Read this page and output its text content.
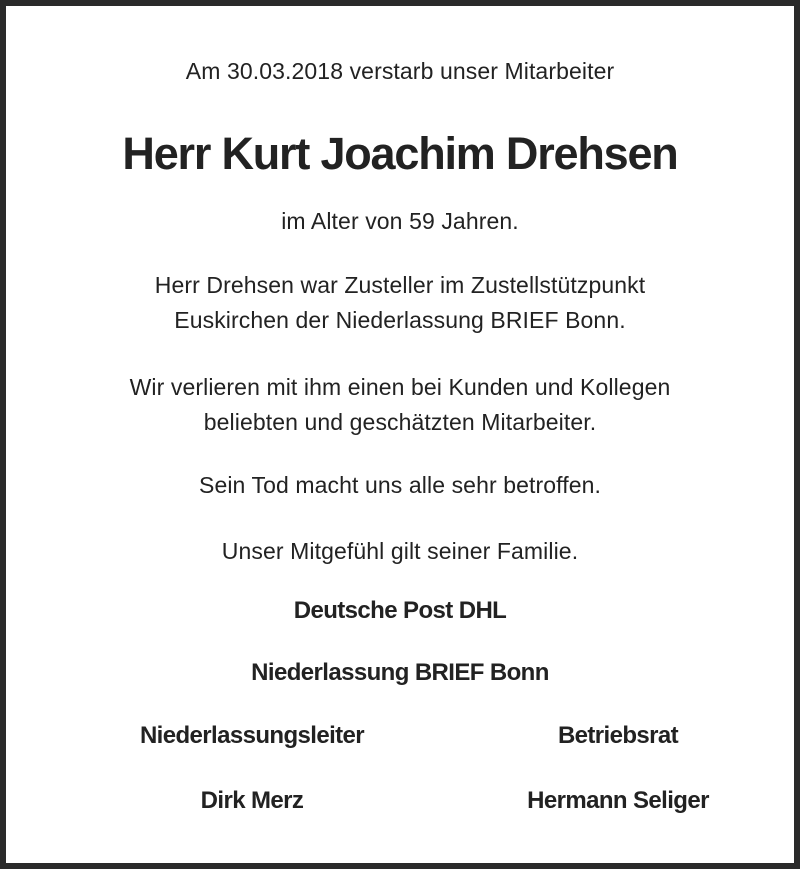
Am 30.03.2018 verstarb unser Mitarbeiter
Herr Kurt Joachim Drehsen
im Alter von 59 Jahren.
Herr Drehsen war Zusteller im Zustellstützpunkt
Euskirchen der Niederlassung BRIEF Bonn.
Wir verlieren mit ihm einen bei Kunden und Kollegen
beliebten und geschätzten Mitarbeiter.
Sein Tod macht uns alle sehr betroffen.
Unser Mitgefühl gilt seiner Familie.
Deutsche Post DHL
Niederlassung BRIEF Bonn
Niederlassungsleiter	Betriebsrat
Dirk Merz	Hermann Seliger
